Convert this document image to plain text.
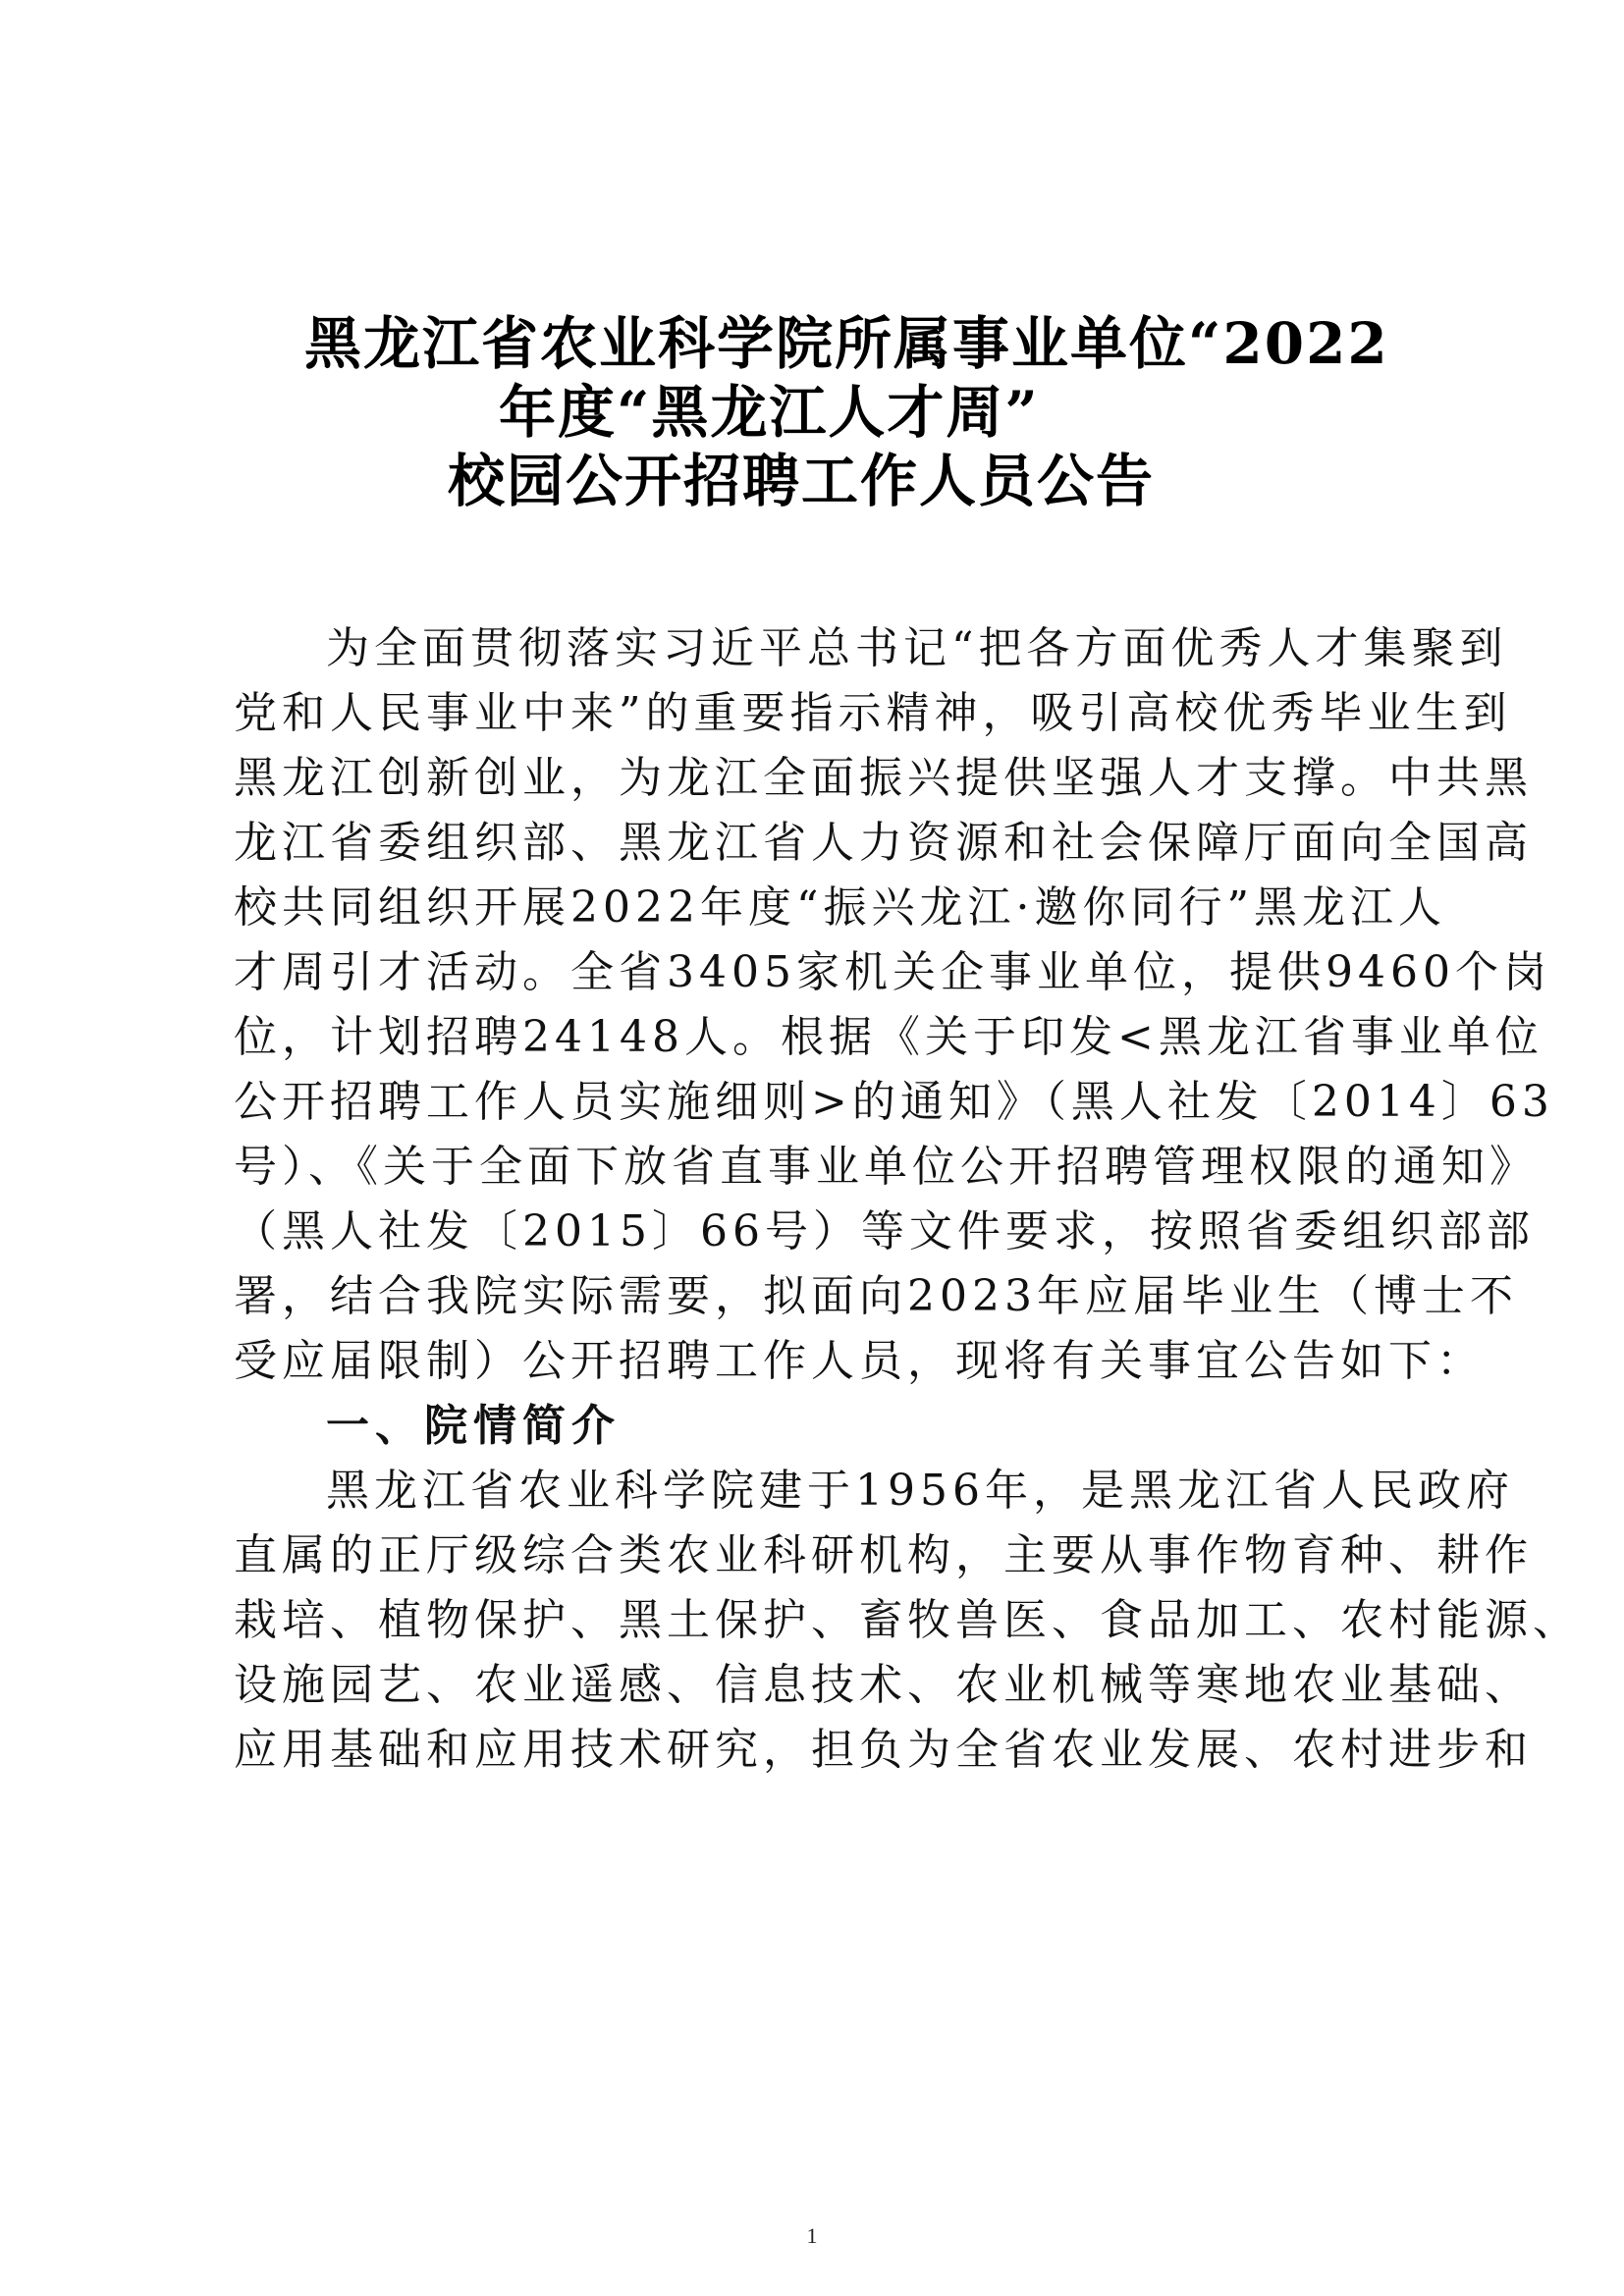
黑龙江省农业科学院所属事业单位“2022
年度“黑龙江人才周”
校园公开招聘工作人员公告
为全面贯彻落实习近平总书记“把各方面优秀人才集聚到
党和人民事业中来”的重要指示精神，吸引高校优秀毕业生到
黑龙江创新创业，为龙江全面振兴提供坚强人才支撑。中共黑
龙江省委组织部、黑龙江省人力资源和社会保障厅面向全国高
校共同组织开展2022年度“振兴龙江·邀你同行”黑龙江人
才周引才活动。全省3405家机关企事业单位，提供9460个岗
位，计划招聘24148人。根据《关于印发<黑龙江省事业单位
公开招聘工作人员实施细则>的通知》（黑人社发〔2014〕63
号）、《关于全面下放省直事业单位公开招聘管理权限的通知》
（黑人社发〔2015〕66号）等文件要求，按照省委组织部部
署，结合我院实际需要，拟面向2023年应届毕业生（博士不
受应届限制）公开招聘工作人员，现将有关事宜公告如下：
一、院情简介
黑龙江省农业科学院建于1956年，是黑龙江省人民政府
直属的正厅级综合类农业科研机构，主要从事作物育种、耕作
栽培、植物保护、黑土保护、畜牧兽医、食品加工、农村能源、
设施园艺、农业遥感、信息技术、农业机械等寒地农业基础、
应用基础和应用技术研究，担负为全省农业发展、农村进步和
1
